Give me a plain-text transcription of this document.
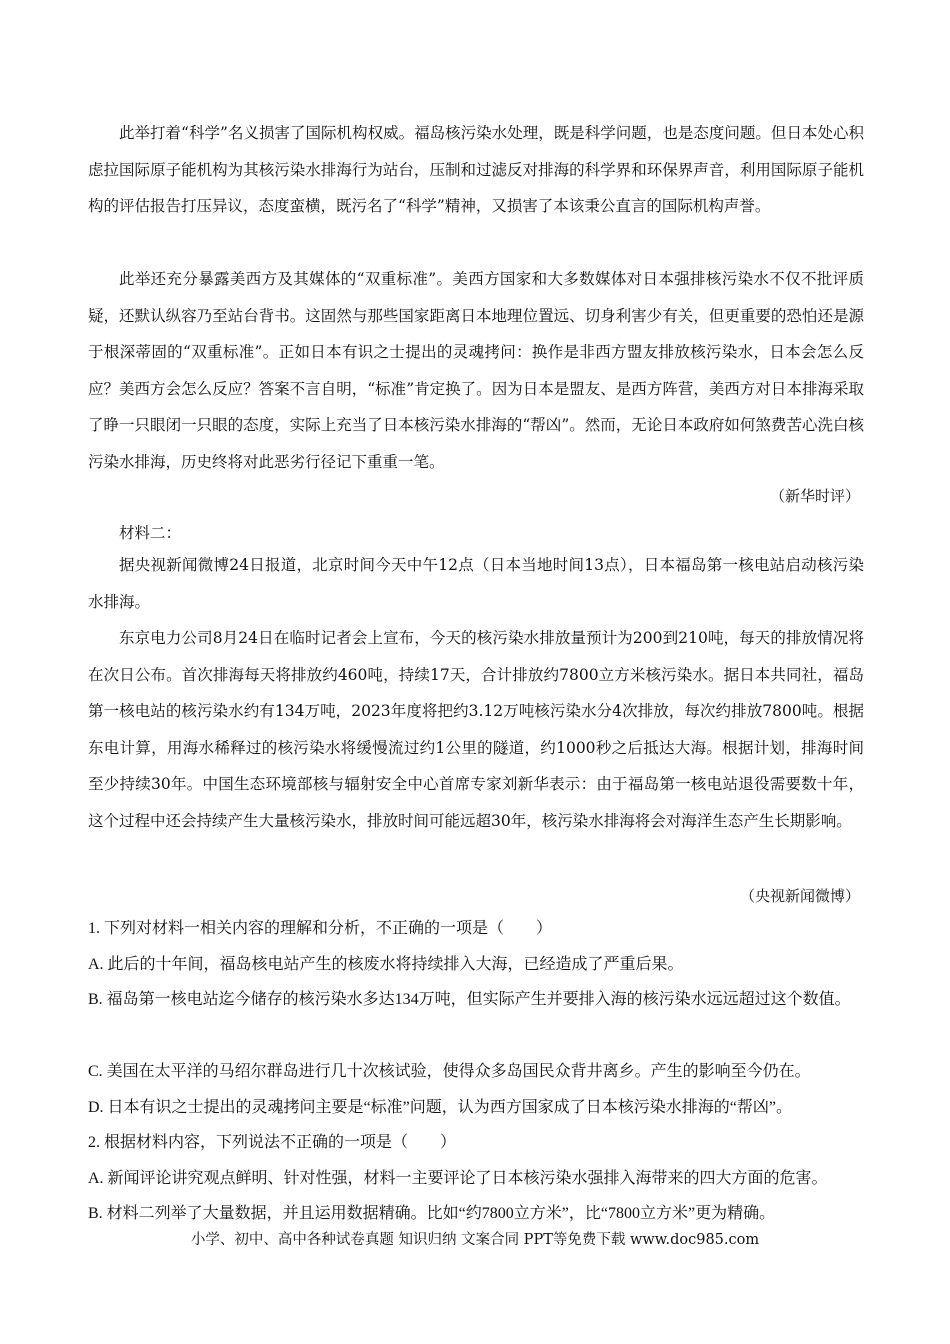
此举打着“科学”名义损害了国际机构权威。福岛核污染水处理，既是科学问题，也是态度问题。但日本处心积虑拉国际原子能机构为其核污染水排海行为站台，压制和过滤反对排海的科学界和环保界声音，利用国际原子能机构的评估报告打压异议，态度蛮横，既污名了“科学”精神，又损害了本该秉公直言的国际机构声誉。

此举还充分暴露美西方及其媒体的“双重标准”。美西方国家和大多数媒体对日本强排核污染水不仅不批评质疑，还默认纵容乃至站台背书。这固然与那些国家距离日本地理位置远、切身利害少有关，但更重要的恐怕还是源于根深蒂固的“双重标准”。正如日本有识之士提出的灵魂拷问：换作是非西方盟友排放核污染水，日本会怎么反应？美西方会怎么反应？答案不言自明，“标准”肯定换了。因为日本是盟友、是西方阵营，美西方对日本排海采取了睁一只眼闭一只眼的态度，实际上充当了日本核污染水排海的“帮凶”。然而，无论日本政府如何煞费苦心洗白核污染水排海，历史终将对此恶劣行径记下重重一笔。

（新华时评）

材料二：

据央视新闻微博24日报道，北京时间今天中午12点（日本当地时间13点），日本福岛第一核电站启动核污染水排海。

东京电力公司8月24日在临时记者会上宣布，今天的核污染水排放量预计为200到210吨，每天的排放情况将在次日公布。首次排海每天将排放约460吨，持续17天，合计排放约7800立方米核污染水。据日本共同社，福岛第一核电站的核污染水约有134万吨，2023年度将把约3.12万吨核污染水分4次排放，每次约排放7800吨。根据东电计算，用海水稀释过的核污染水将缓慢流过约1公里的隧道，约1000秒之后抵达大海。根据计划，排海时间至少持续30年。中国生态环境部核与辐射安全中心首席专家刘新华表示：由于福岛第一核电站退役需要数十年，这个过程中还会持续产生大量核污染水，排放时间可能远超30年，核污染水排海将会对海洋生态产生长期影响。

（央视新闻微博）

1. 下列对材料一相关内容的理解和分析，不正确的一项是（　　）

A. 此后的十年间，福岛核电站产生的核废水将持续排入大海，已经造成了严重后果。

B. 福岛第一核电站迄今储存的核污染水多达134万吨，但实际产生并要排入海的核污染水远远超过这个数值。

C. 美国在太平洋的马绍尔群岛进行几十次核试验，使得众多岛国民众背井离乡。产生的影响至今仍在。

D. 日本有识之士提出的灵魂拷问主要是“标准”问题，认为西方国家成了日本核污染水排海的“帮凶”。

2. 根据材料内容，下列说法不正确的一项是（　　）

A. 新闻评论讲究观点鲜明、针对性强，材料一主要评论了日本核污染水强排入海带来的四大方面的危害。

B. 材料二列举了大量数据，并且运用数据精确。比如“约7800立方米”，比“7800立方米”更为精确。

小学、初中、高中各种试卷真题 知识归纳 文案合同 PPT等免费下载 www.doc985.com
